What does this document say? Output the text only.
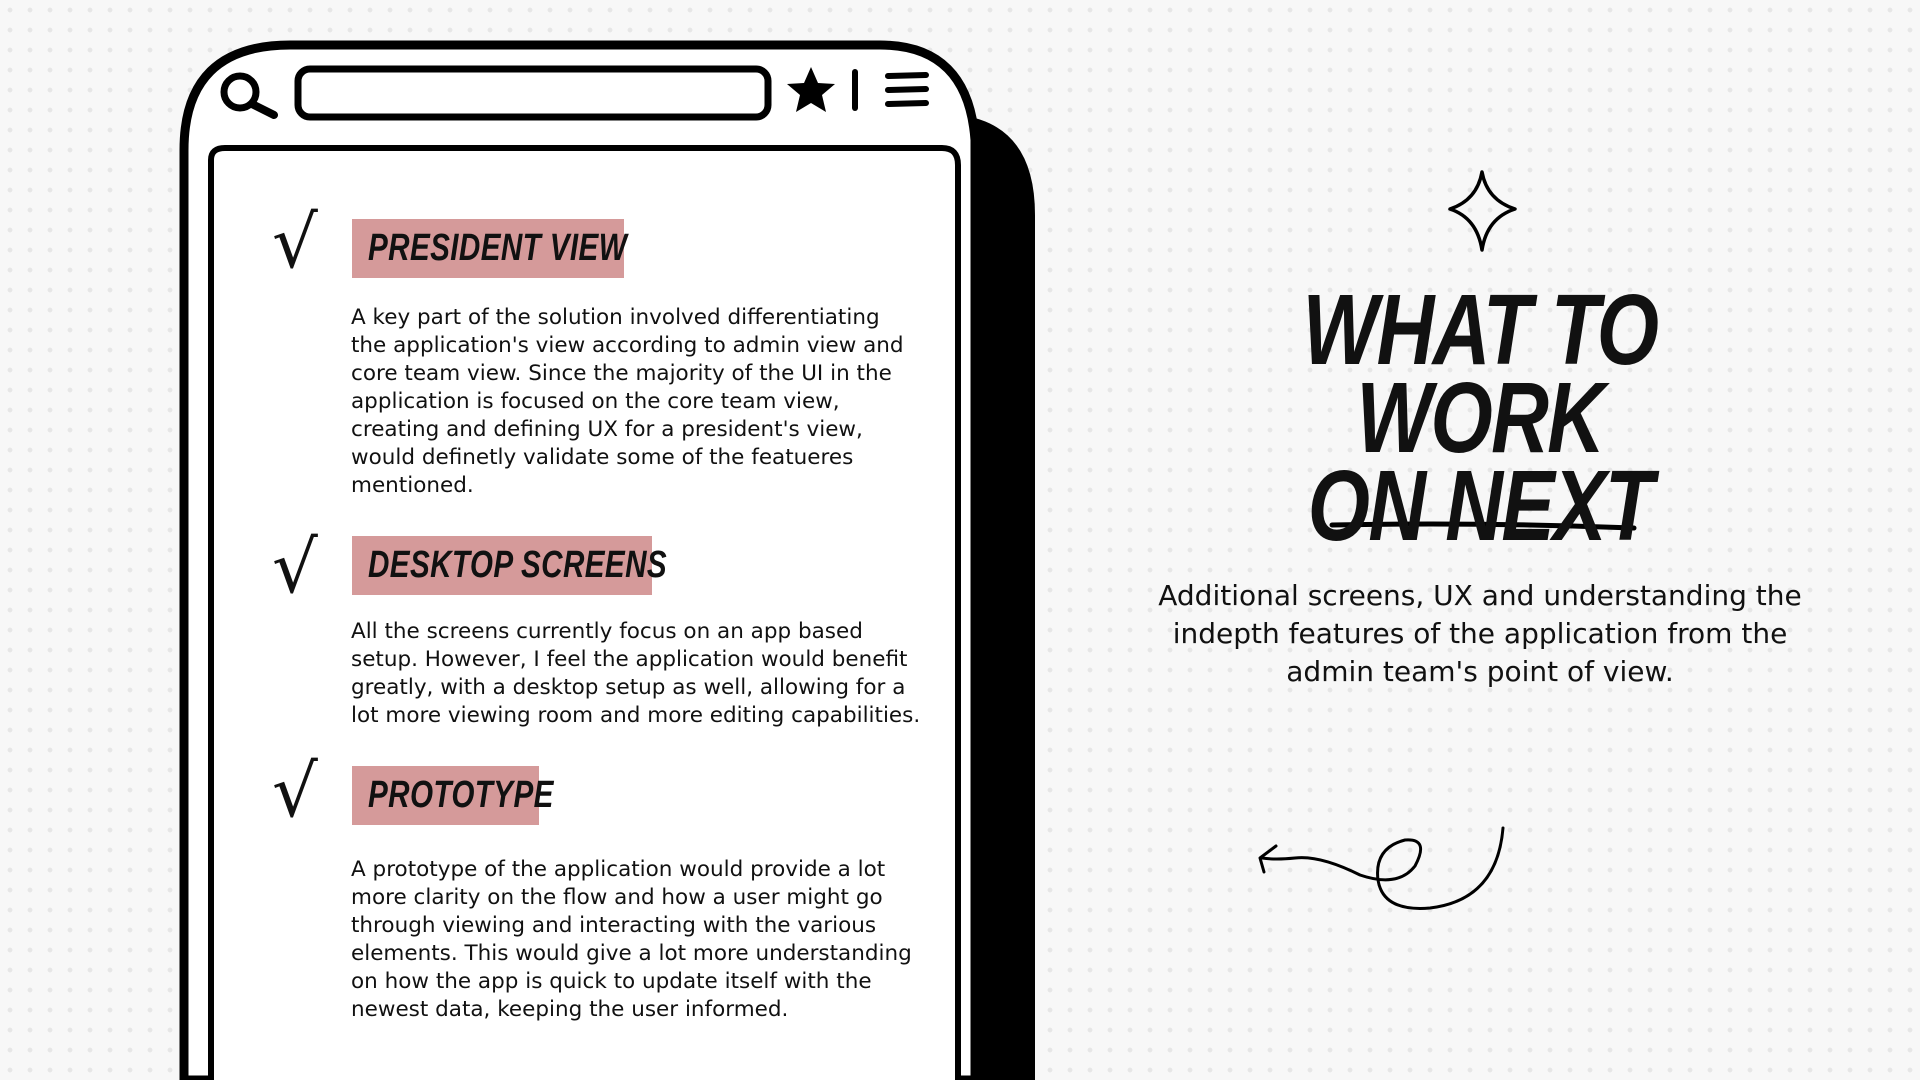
√ PRESIDENT VIEW

A key part of the solution involved differentiating the application's view according to admin view and core team view. Since the majority of the UI in the application is focused on the core team view, creating and defining UX for a president's view, would definetly validate some of the featueres mentioned.

√ DESKTOP SCREENS

All the screens currently focus on an app based setup. However, I feel the application would benefit greatly, with a desktop setup as well, allowing for a lot more viewing room and more editing capabilities.

√ PROTOTYPE

A prototype of the application would provide a lot more clarity on the flow and how a user might go through viewing and interacting with the various elements. This would give a lot more understanding on how the app is quick to update itself with the newest data, keeping the user informed.

WHAT TO WORK
ON NEXT

Additional screens, UX and understanding the indepth features of the application from the admin team's point of view.
